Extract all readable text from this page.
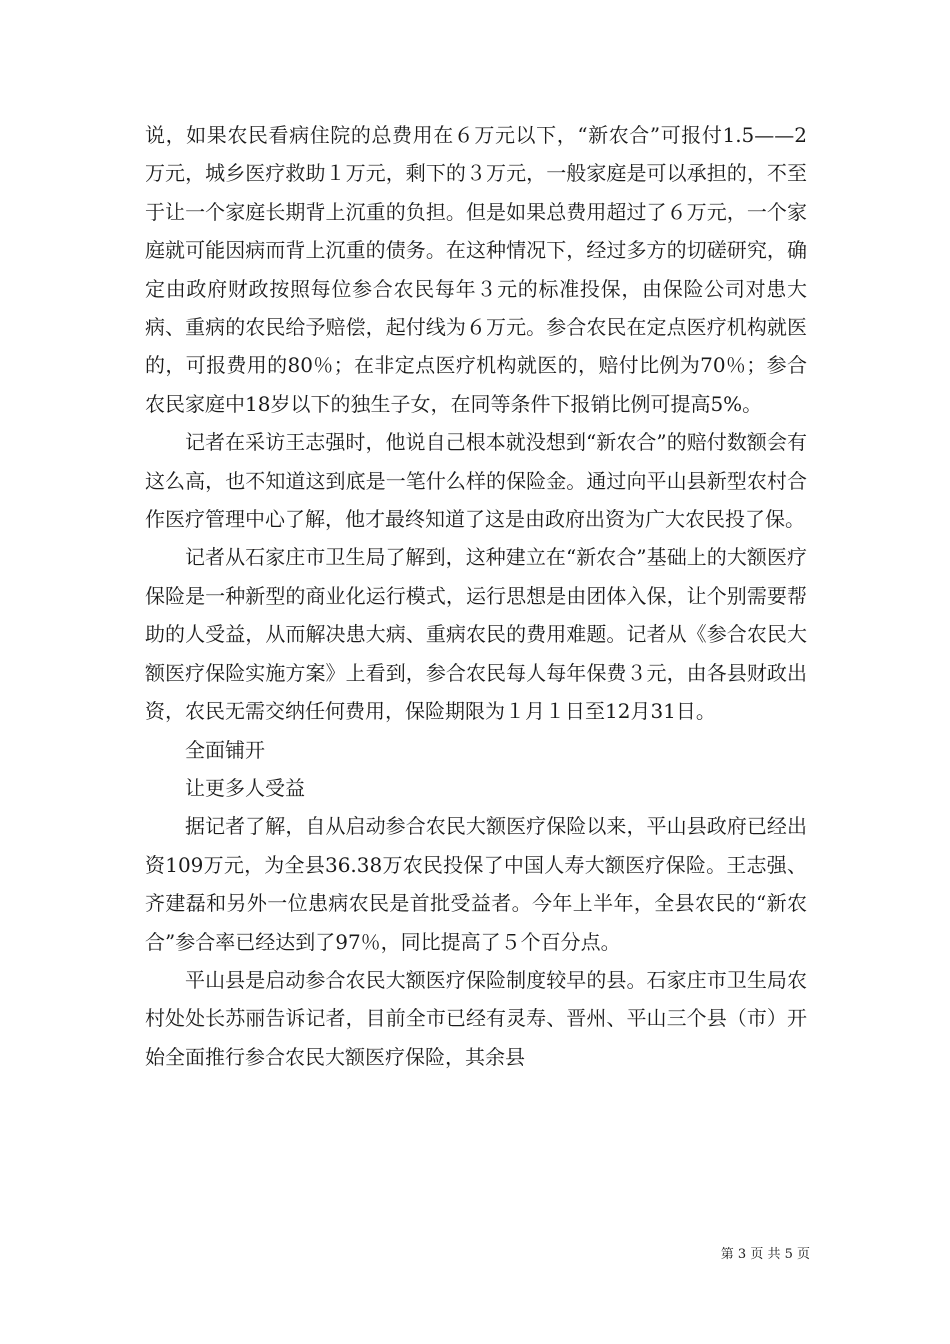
说，如果农民看病住院的总费用在６万元以下，“新农合”可报付1.5——2万元，城乡医疗救助１万元，剩下的３万元，一般家庭是可以承担的，不至于让一个家庭长期背上沉重的负担。但是如果总费用超过了６万元，一个家庭就可能因病而背上沉重的债务。在这种情况下，经过多方的切磋研究，确定由政府财政按照每位参合农民每年３元的标准投保，由保险公司对患大病、重病的农民给予赔偿，起付线为６万元。参合农民在定点医疗机构就医的，可报费用的80％；在非定点医疗机构就医的，赔付比例为70％；参合农民家庭中18岁以下的独生子女，在同等条件下报销比例可提高5%。

记者在采访王志强时，他说自己根本就没想到“新农合”的赔付数额会有这么高，也不知道这到底是一笔什么样的保险金。通过向平山县新型农村合作医疗管理中心了解，他才最终知道了这是由政府出资为广大农民投了保。

记者从石家庄市卫生局了解到，这种建立在“新农合”基础上的大额医疗保险是一种新型的商业化运行模式，运行思想是由团体入保，让个别需要帮助的人受益，从而解决患大病、重病农民的费用难题。记者从《参合农民大额医疗保险实施方案》上看到，参合农民每人每年保费３元，由各县财政出资，农民无需交纳任何费用，保险期限为１月１日至12月31日。

全面铺开

让更多人受益

据记者了解，自从启动参合农民大额医疗保险以来，平山县政府已经出资109万元，为全县36.38万农民投保了中国人寿大额医疗保险。王志强、齐建磊和另外一位患病农民是首批受益者。今年上半年，全县农民的“新农合”参合率已经达到了97％，同比提高了５个百分点。

平山县是启动参合农民大额医疗保险制度较早的县。石家庄市卫生局农村处处长苏丽告诉记者，目前全市已经有灵寿、晋州、平山三个县（市）开始全面推行参合农民大额医疗保险，其余县

第 3 页 共 5 页
